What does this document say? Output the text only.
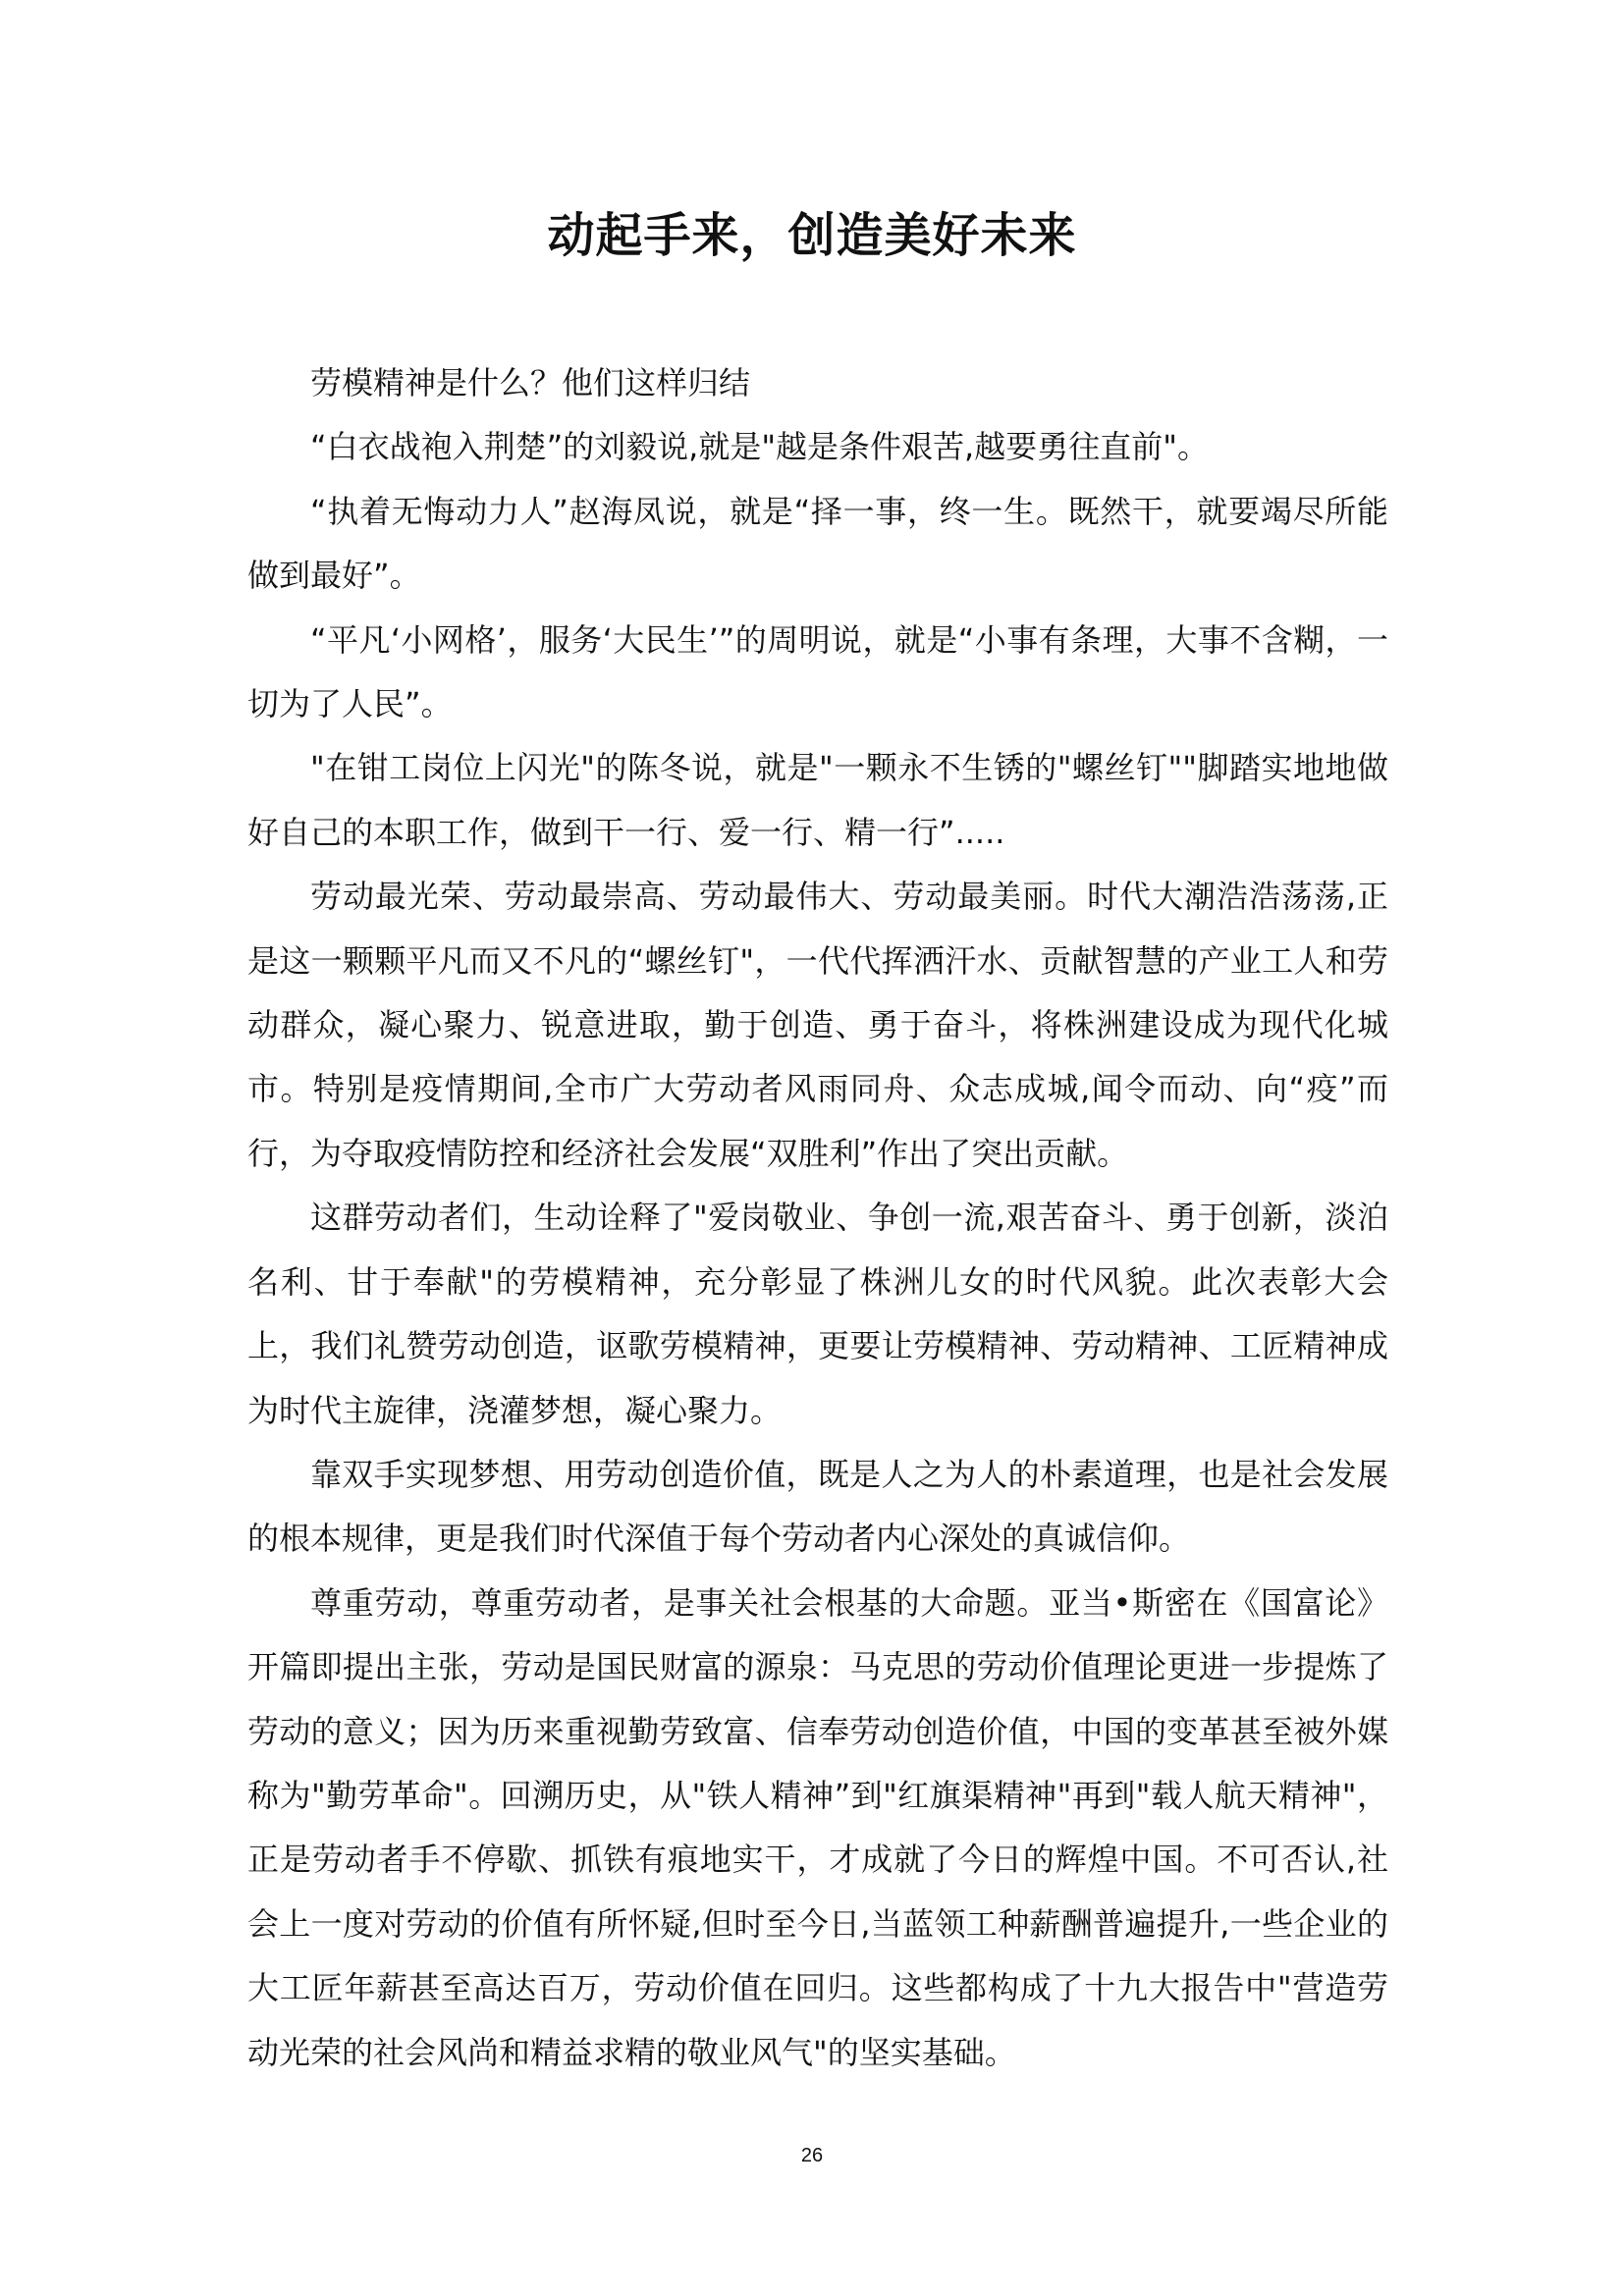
动起手来，创造美好未来

劳模精神是什么？他们这样归结

“白衣战袍入荆楚”的刘毅说,就是"越是条件艰苦,越要勇往直前"。

“执着无悔动力人”赵海凤说，就是“择一事，终一生。既然干，就要竭尽所能做到最好”。

“平凡‘小网格’，服务‘大民生’”的周明说，就是“小事有条理，大事不含糊，一切为了人民”。

"在钳工岗位上闪光"的陈冬说，就是"一颗永不生锈的"螺丝钉""脚踏实地地做好自己的本职工作，做到干一行、爱一行、精一行”.....

劳动最光荣、劳动最崇高、劳动最伟大、劳动最美丽。时代大潮浩浩荡荡,正是这一颗颗平凡而又不凡的“螺丝钉"，一代代挥洒汗水、贡献智慧的产业工人和劳动群众，凝心聚力、锐意进取，勤于创造、勇于奋斗，将株洲建设成为现代化城市。特别是疫情期间,全市广大劳动者风雨同舟、众志成城,闻令而动、向“疫”而行，为夺取疫情防控和经济社会发展“双胜利”作出了突出贡献。

这群劳动者们，生动诠释了"爱岗敬业、争创一流,艰苦奋斗、勇于创新，淡泊名利、甘于奉献"的劳模精神，充分彰显了株洲儿女的时代风貌。此次表彰大会上，我们礼赞劳动创造，讴歌劳模精神，更要让劳模精神、劳动精神、工匠精神成为时代主旋律，浇灌梦想，凝心聚力。

靠双手实现梦想、用劳动创造价值，既是人之为人的朴素道理，也是社会发展的根本规律，更是我们时代深值于每个劳动者内心深处的真诚信仰。

尊重劳动，尊重劳动者，是事关社会根基的大命题。亚当•斯密在《国富论》开篇即提出主张，劳动是国民财富的源泉：马克思的劳动价值理论更进一步提炼了劳动的意义；因为历来重视勤劳致富、信奉劳动创造价值，中国的变革甚至被外媒称为"勤劳革命"。回溯历史，从"铁人精神”到"红旗渠精神"再到"载人航天精神"，正是劳动者手不停歇、抓铁有痕地实干，才成就了今日的辉煌中国。不可否认,社会上一度对劳动的价值有所怀疑,但时至今日,当蓝领工种薪酬普遍提升,一些企业的大工匠年薪甚至高达百万，劳动价值在回归。这些都构成了十九大报告中"营造劳动光荣的社会风尚和精益求精的敬业风气"的坚实基础。

26
